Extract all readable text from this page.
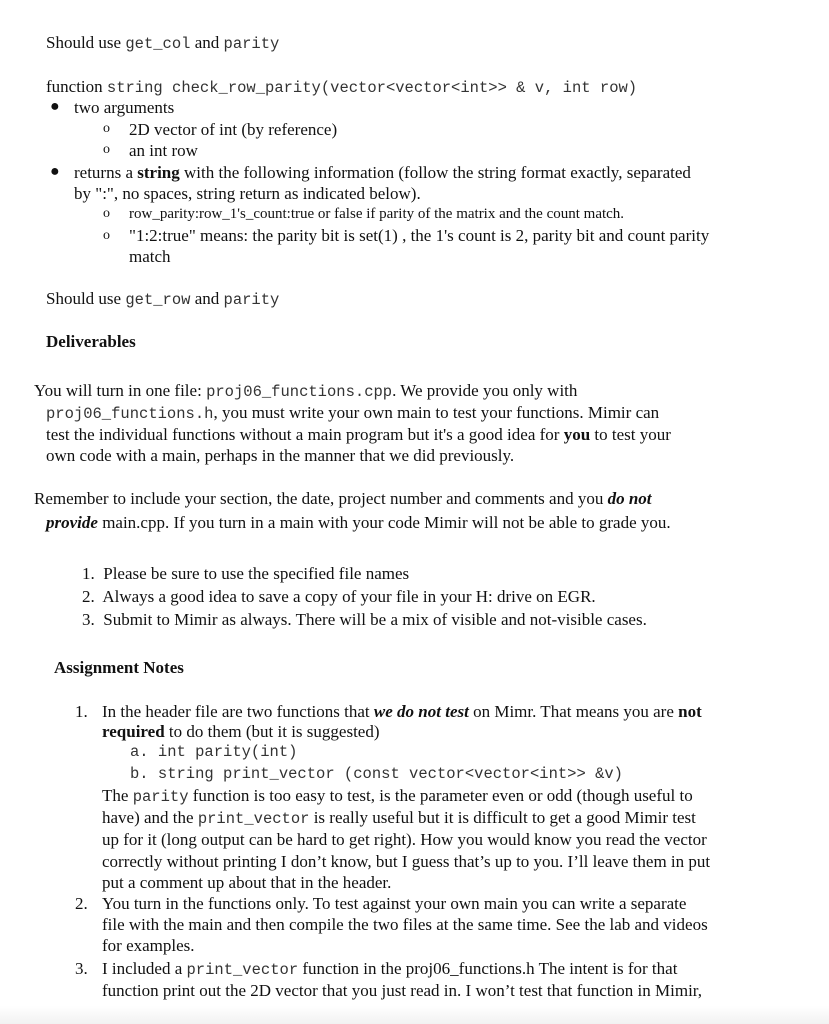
Should use get_col and parity
function string check_row_parity(vector<vector<int>> & v, int row)
● two arguments
o 2D vector of int (by reference)
o an int row
● returns a string with the following information (follow the string format exactly, separated
by ":", no spaces, string return as indicated below).
o row_parity:row_1's_count:true or false if parity of the matrix and the count match.
o "1:2:true" means: the parity bit is set(1) , the 1's count is 2, parity bit and count parity
match
Should use get_row and parity
Deliverables
You will turn in one file: proj06_functions.cpp. We provide you only with
proj06_functions.h, you must write your own main to test your functions. Mimir can
test the individual functions without a main program but it's a good idea for you to test your
own code with a main, perhaps in the manner that we did previously.
Remember to include your section, the date, project number and comments and you do not
provide main.cpp. If you turn in a main with your code Mimir will not be able to grade you.
1. Please be sure to use the specified file names
2. Always a good idea to save a copy of your file in your H: drive on EGR.
3. Submit to Mimir as always. There will be a mix of visible and not-visible cases.
Assignment Notes
1. In the header file are two functions that we do not test on Mimr. That means you are not
required to do them (but it is suggested)
a. int parity(int)
b. string print_vector (const vector<vector<int>> &v)
The parity function is too easy to test, is the parameter even or odd (though useful to
have) and the print_vector is really useful but it is difficult to get a good Mimir test
up for it (long output can be hard to get right). How you would know you read the vector
correctly without printing I don’t know, but I guess that’s up to you. I’ll leave them in put
put a comment up about that in the header.
2. You turn in the functions only. To test against your own main you can write a separate
file with the main and then compile the two files at the same time. See the lab and videos
for examples.
3. I included a print_vector function in the proj06_functions.h The intent is for that
function print out the 2D vector that you just read in. I won’t test that function in Mimir,
